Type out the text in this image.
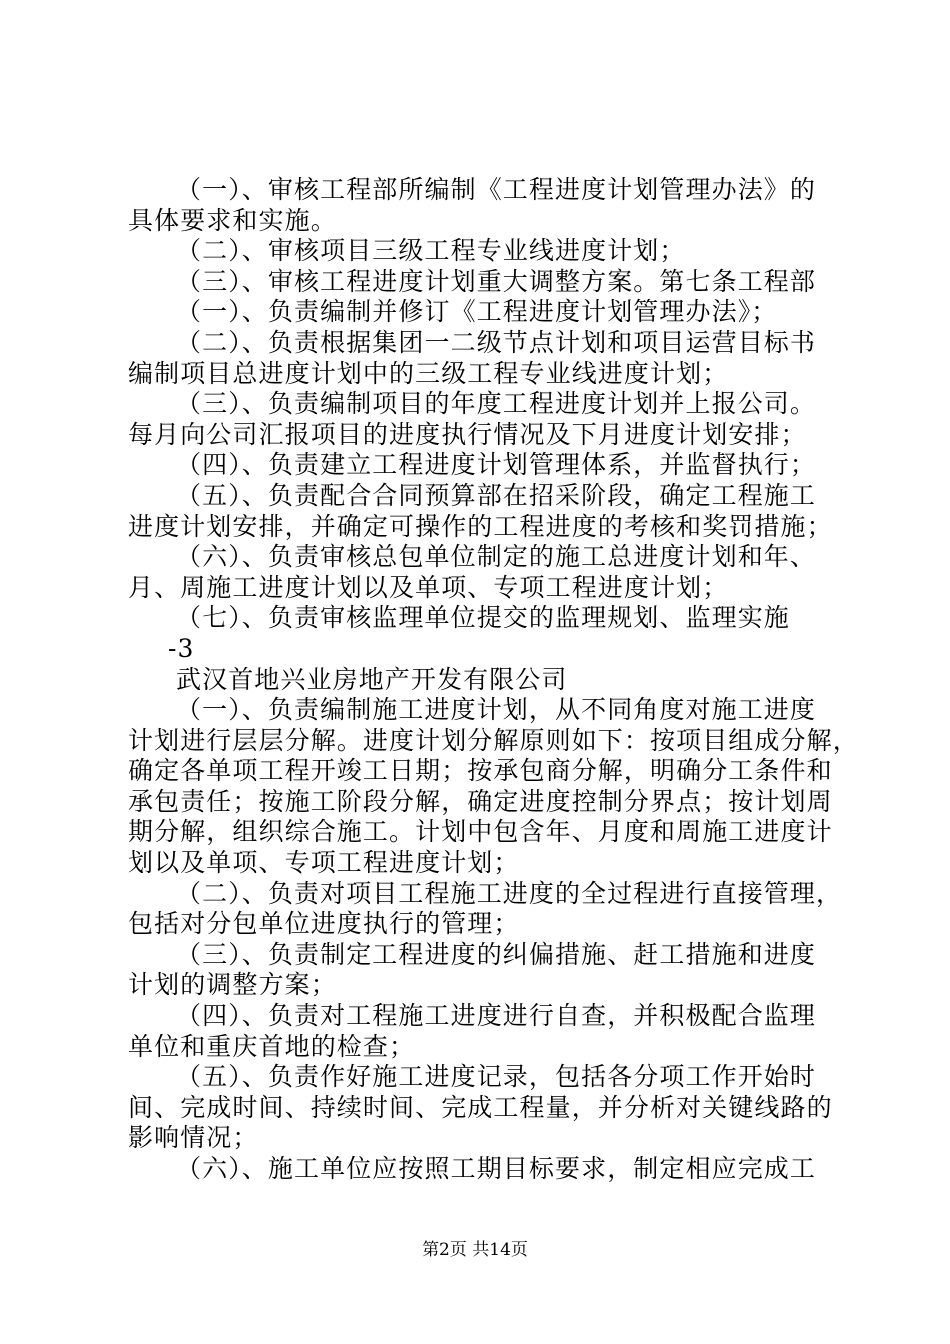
（一）、审核工程部所编制《工程进度计划管理办法》的
具体要求和实施。
（二）、审核项目三级工程专业线进度计划；
（三）、审核工程进度计划重大调整方案。第七条工程部
（一）、负责编制并修订《工程进度计划管理办法》；
（二）、负责根据集团一二级节点计划和项目运营目标书
编制项目总进度计划中的三级工程专业线进度计划；
（三）、负责编制项目的年度工程进度计划并上报公司。
每月向公司汇报项目的进度执行情况及下月进度计划安排；
（四）、负责建立工程进度计划管理体系，并监督执行；
（五）、负责配合合同预算部在招采阶段，确定工程施工
进度计划安排，并确定可操作的工程进度的考核和奖罚措施；
（六）、负责审核总包单位制定的施工总进度计划和年、
月、周施工进度计划以及单项、专项工程进度计划；
（七）、负责审核监理单位提交的监理规划、监理实施
-3
武汉首地兴业房地产开发有限公司
（一）、负责编制施工进度计划，从不同角度对施工进度
计划进行层层分解。进度计划分解原则如下：按项目组成分解，
确定各单项工程开竣工日期；按承包商分解，明确分工条件和
承包责任；按施工阶段分解，确定进度控制分界点；按计划周
期分解，组织综合施工。计划中包含年、月度和周施工进度计
划以及单项、专项工程进度计划；
（二）、负责对项目工程施工进度的全过程进行直接管理，
包括对分包单位进度执行的管理；
（三）、负责制定工程进度的纠偏措施、赶工措施和进度
计划的调整方案；
（四）、负责对工程施工进度进行自查，并积极配合监理
单位和重庆首地的检查；
（五）、负责作好施工进度记录，包括各分项工作开始时
间、完成时间、持续时间、完成工程量，并分析对关键线路的
影响情况；
（六）、施工单位应按照工期目标要求，制定相应完成工
第2页 共14页
